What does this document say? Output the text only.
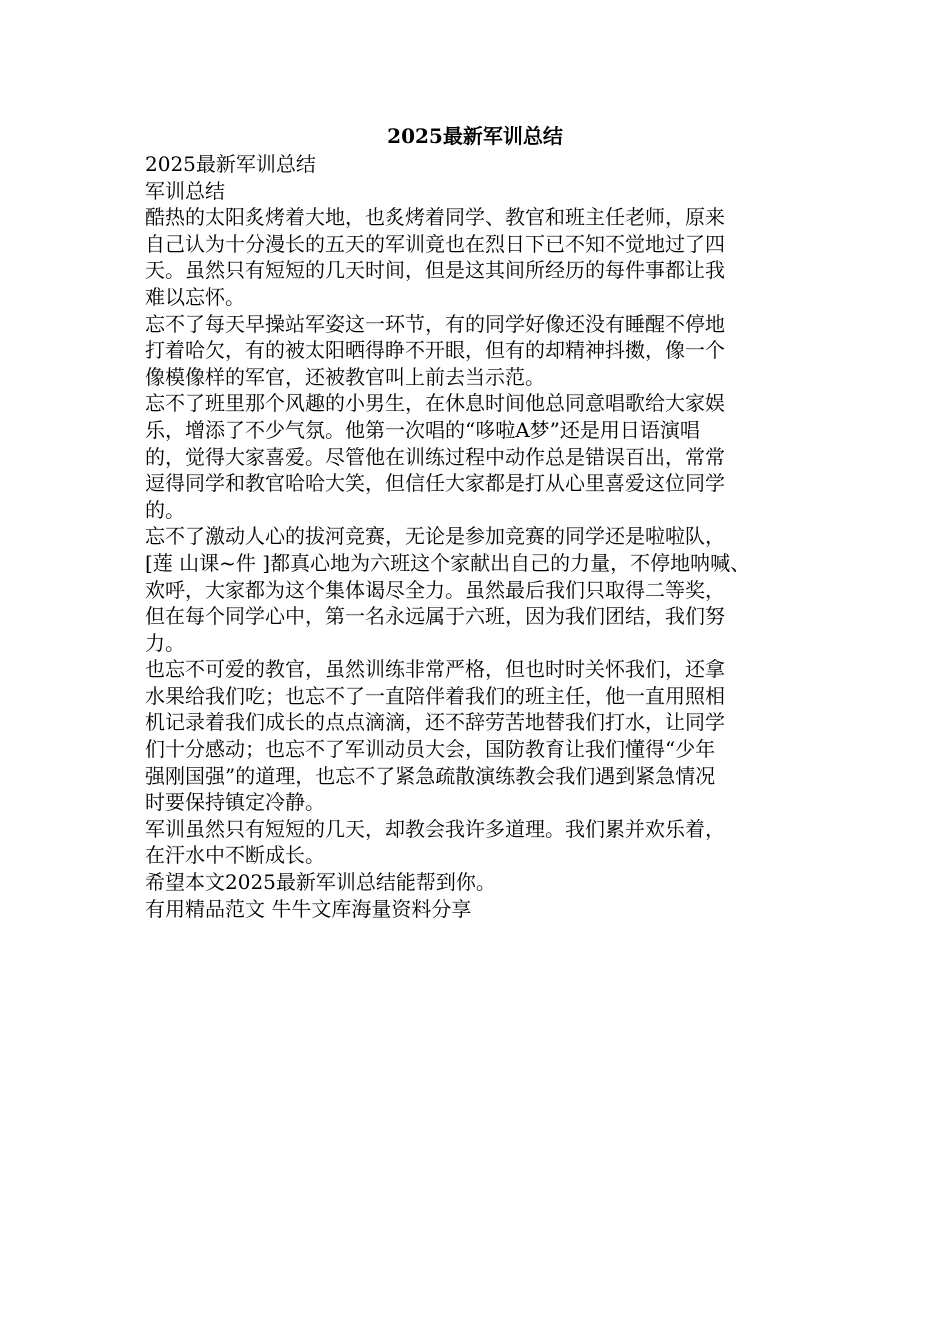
2025最新军训总结
2025最新军训总结
军训总结
酷热的太阳炙烤着大地，也炙烤着同学、教官和班主任老师，原来
自己认为十分漫长的五天的军训竟也在烈日下已不知不觉地过了四
天。虽然只有短短的几天时间，但是这其间所经历的每件事都让我
难以忘怀。
忘不了每天早操站军姿这一环节，有的同学好像还没有睡醒不停地
打着哈欠，有的被太阳晒得睁不开眼，但有的却精神抖擞，像一个
像模像样的军官，还被教官叫上前去当示范。
忘不了班里那个风趣的小男生，在休息时间他总同意唱歌给大家娱
乐，增添了不少气氛。他第一次唱的“哆啦A梦”还是用日语演唱
的，觉得大家喜爱。尽管他在训练过程中动作总是错误百出，常常
逗得同学和教官哈哈大笑，但信任大家都是打从心里喜爱这位同学
的。
忘不了激动人心的拔河竞赛，无论是参加竞赛的同学还是啦啦队，
[莲 山课~件 ]都真心地为六班这个家献出自己的力量，不停地呐喊、
欢呼，大家都为这个集体谒尽全力。虽然最后我们只取得二等奖，
但在每个同学心中，第一名永远属于六班，因为我们团结，我们努
力。
也忘不可爱的教官，虽然训练非常严格，但也时时关怀我们，还拿
水果给我们吃；也忘不了一直陪伴着我们的班主任，他一直用照相
机记录着我们成长的点点滴滴，还不辞劳苦地替我们打水，让同学
们十分感动；也忘不了军训动员大会，国防教育让我们懂得“少年
强刚国强”的道理，也忘不了紧急疏散演练教会我们遇到紧急情况
时要保持镇定冷静。
军训虽然只有短短的几天，却教会我许多道理。我们累并欢乐着，
在汗水中不断成长。
希望本文2025最新军训总结能帮到你。
有用精品范文 牛牛文库海量资料分享
